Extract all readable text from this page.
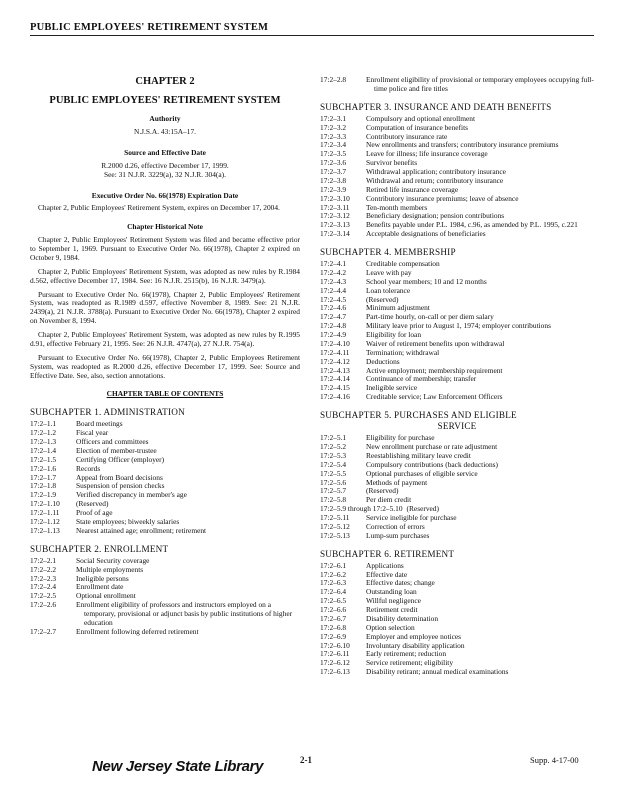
PUBLIC EMPLOYEES' RETIREMENT SYSTEM
CHAPTER 2
PUBLIC EMPLOYEES' RETIREMENT SYSTEM
Authority
N.J.S.A. 43:15A–17.
Source and Effective Date
R.2000 d.26, effective December 17, 1999.
See: 31 N.J.R. 3229(a), 32 N.J.R. 304(a).
Executive Order No. 66(1978) Expiration Date
Chapter 2, Public Employees' Retirement System, expires on December 17, 2004.
Chapter Historical Note
Chapter 2, Public Employees' Retirement System was filed and became effective prior to September 1, 1969. Pursuant to Executive Order No. 66(1978), Chapter 2 expired on October 9, 1984.
Chapter 2, Public Employees' Retirement System, was adopted as new rules by R.1984 d.562, effective December 17, 1984. See: 16 N.J.R. 2515(b), 16 N.J.R. 3479(a).
Pursuant to Executive Order No. 66(1978), Chapter 2, Public Employees' Retirement System, was readopted as R.1989 d.597, effective November 8, 1989. See: 21 N.J.R. 2439(a), 21 N.J.R. 3788(a). Pursuant to Executive Order No. 66(1978), Chapter 2 expired on November 8, 1994.
Chapter 2, Public Employees' Retirement System, was adopted as new rules by R.1995 d.91, effective February 21, 1995. See: 26 N.J.R. 4747(a), 27 N.J.R. 754(a).
Pursuant to Executive Order No. 66(1978), Chapter 2, Public Employees Retirement System, was readopted as R.2000 d.26, effective December 17, 1999. See: Source and Effective Date. See, also, section annotations.
CHAPTER TABLE OF CONTENTS
SUBCHAPTER 1. ADMINISTRATION
17:2–1.1	Board meetings
17:2–1.2	Fiscal year
17:2–1.3	Officers and committees
17:2–1.4	Election of member-trustee
17:2–1.5	Certifying Officer (employer)
17:2–1.6	Records
17:2–1.7	Appeal from Board decisions
17:2–1.8	Suspension of pension checks
17:2–1.9	Verified discrepancy in member's age
17:2–1.10	(Reserved)
17:2–1.11	Proof of age
17:2–1.12	State employees; biweekly salaries
17:2–1.13	Nearest attained age; enrollment; retirement
SUBCHAPTER 2. ENROLLMENT
17:2–2.1	Social Security coverage
17:2–2.2	Multiple employments
17:2–2.3	Ineligible persons
17:2–2.4	Enrollment date
17:2–2.5	Optional enrollment
17:2–2.6	Enrollment eligibility of professors and instructors employed on a temporary, provisional or adjunct basis by public institutions of higher education
17:2–2.7	Enrollment following deferred retirement
17:2–2.8	Enrollment eligibility of provisional or temporary employees occupying full-time police and fire titles
SUBCHAPTER 3. INSURANCE AND DEATH BENEFITS
17:2–3.1	Compulsory and optional enrollment
17:2–3.2	Computation of insurance benefits
17:2–3.3	Contributory insurance rate
17:2–3.4	New enrollments and transfers; contributory insurance premiums
17:2–3.5	Leave for illness; life insurance coverage
17:2–3.6	Survivor benefits
17:2–3.7	Withdrawal application; contributory insurance
17:2–3.8	Withdrawal and return; contributory insurance
17:2–3.9	Retired life insurance coverage
17:2–3.10	Contributory insurance premiums; leave of absence
17:2–3.11	Ten-month members
17:2–3.12	Beneficiary designation; pension contributions
17:2–3.13	Benefits payable under P.L. 1984, c.96, as amended by P.L. 1995, c.221
17:2–3.14	Acceptable designations of beneficiaries
SUBCHAPTER 4. MEMBERSHIP
17:2–4.1	Creditable compensation
17:2–4.2	Leave with pay
17:2–4.3	School year members; 10 and 12 months
17:2–4.4	Loan tolerance
17:2–4.5	(Reserved)
17:2–4.6	Minimum adjustment
17:2–4.7	Part-time hourly, on-call or per diem salary
17:2–4.8	Military leave prior to August 1, 1974; employer contributions
17:2–4.9	Eligibility for loan
17:2–4.10	Waiver of retirement benefits upon withdrawal
17:2–4.11	Termination; withdrawal
17:2–4.12	Deductions
17:2–4.13	Active employment; membership requirement
17:2–4.14	Continuance of membership; transfer
17:2–4.15	Ineligible service
17:2–4.16	Creditable service; Law Enforcement Officers
SUBCHAPTER 5. PURCHASES AND ELIGIBLE
SERVICE
17:2–5.1	Eligibility for purchase
17:2–5.2	New enrollment purchase or rate adjustment
17:2–5.3	Reestablishing military leave credit
17:2–5.4	Compulsory contributions (back deductions)
17:2–5.5	Optional purchases of eligible service
17:2–5.6	Methods of payment
17:2–5.7	(Reserved)
17:2–5.8	Per diem credit
17:2–5.9 through 17:2–5.10 (Reserved)
17:2–5.11	Service ineligible for purchase
17:2–5.12	Correction of errors
17:2–5.13	Lump-sum purchases
SUBCHAPTER 6. RETIREMENT
17:2–6.1	Applications
17:2–6.2	Effective date
17:2–6.3	Effective dates; change
17:2–6.4	Outstanding loan
17:2–6.5	Willful negligence
17:2–6.6	Retirement credit
17:2–6.7	Disability determination
17:2–6.8	Option selection
17:2–6.9	Employer and employee notices
17:2–6.10	Involuntary disability application
17:2–6.11	Early retirement; reduction
17:2–6.12	Service retirement; eligibility
17:2–6.13	Disability retirant; annual medical examinations
New Jersey State Library	2-1	Supp. 4-17-00
